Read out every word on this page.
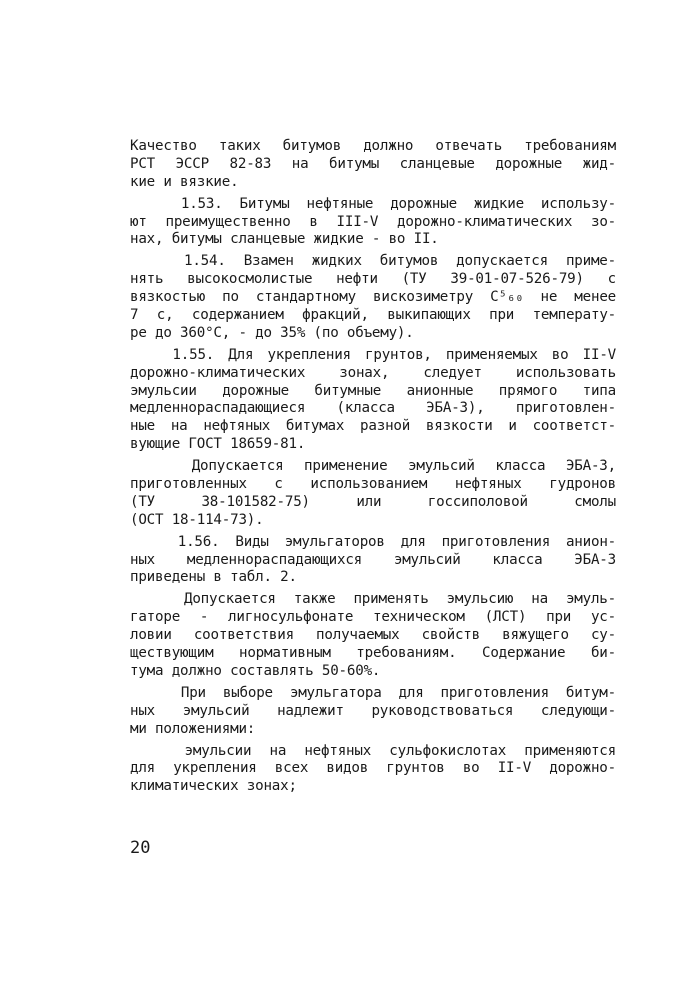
Качество таких битумов должно отвечать требованиям
РСТ ЭССР 82-83 на битумы сланцевые дорожные жид-
кие и вязкие.
1.53. Битумы нефтяные дорожные жидкие использу-
ют преимущественно в III-V дорожно-климатических зо-
нах, битумы сланцевые жидкие - во II.
1.54. Взамен жидких битумов допускается приме-
нять высокосмолистые нефти (ТУ 39-01-07-526-79) с
вязкостью по стандартному вискозиметру C⁵₆₀ не менее
7 с, содержанием фракций, выкипающих при температу-
ре до 360°C, - до 35% (по объему).
1.55. Для укрепления грунтов, применяемых во II-V
дорожно-климатических зонах, следует использовать
эмульсии дорожные битумные анионные прямого типа
медленнораспадающиеся (класса ЭБА-3), приготовлен-
ные на нефтяных битумах разной вязкости и соответст-
вующие ГОСТ 18659-81.
Допускается применение эмульсий класса ЭБА-3,
приготовленных с использованием нефтяных гудронов
(ТУ 38-101582-75) или госсиполовой смолы
(ОСТ 18-114-73).
1.56. Виды эмульгаторов для приготовления анион-
ных медленнораспадающихся эмульсий класса ЭБА-3
приведены в табл. 2.
Допускается также применять эмульсию на эмуль-
гаторе - лигносульфонате техническом (ЛСТ) при ус-
ловии соответствия получаемых свойств вяжущего су-
ществующим нормативным требованиям. Содержание би-
тума должно составлять 50-60%.
При выборе эмульгатора для приготовления битум-
ных эмульсий надлежит руководствоваться следующи-
ми положениями:
эмульсии на нефтяных сульфокислотах применяются
для укрепления всех видов грунтов во II-V дорожно-
климатических зонах;
20
